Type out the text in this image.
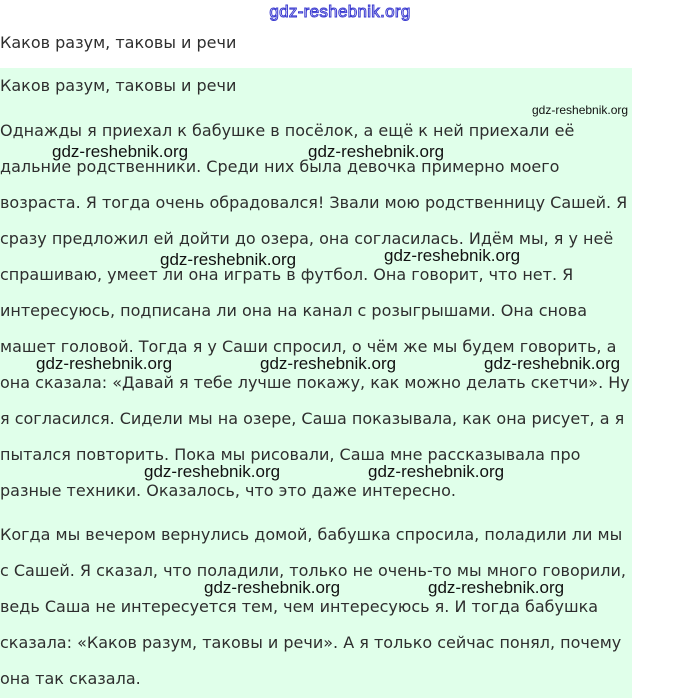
gdz-reshebnik.org
Каков разум, таковы и речи
Каков разум, таковы и речи

Однажды я приехал к бабушке в посёлок, а ещё к ней приехали её дальние родственники. Среди них была девочка примерно моего возраста. Я тогда очень обрадовался! Звали мою родственницу Сашей. Я сразу предложил ей дойти до озера, она согласилась. Идём мы, я у неё спрашиваю, умеет ли она играть в футбол. Она говорит, что нет. Я интересуюсь, подписана ли она на канал с розыгрышами. Она снова машет головой. Тогда я у Саши спросил, о чём же мы будем говорить, а она сказала: «Давай я тебе лучше покажу, как можно делать скетчи». Ну я согласился. Сидели мы на озере, Саша показывала, как она рисует, а я пытался повторить. Пока мы рисовали, Саша мне рассказывала про разные техники. Оказалось, что это даже интересно.

Когда мы вечером вернулись домой, бабушка спросила, поладили ли мы с Сашей. Я сказал, что поладили, только не очень-то мы много говорили, ведь Саша не интересуется тем, чем интересуюсь я. И тогда бабушка сказала: «Каков разум, таковы и речи». А я только сейчас понял, почему она так сказала.

gdz-reshebnik.org
gdz-reshebnik.org	gdz-reshebnik.org
gdz-reshebnik.org	gdz-reshebnik.org
gdz-reshebnik.org	gdz-reshebnik.org	gdz-reshebnik.org
gdz-reshebnik.org	gdz-reshebnik.org
gdz-reshebnik.org	gdz-reshebnik.org
